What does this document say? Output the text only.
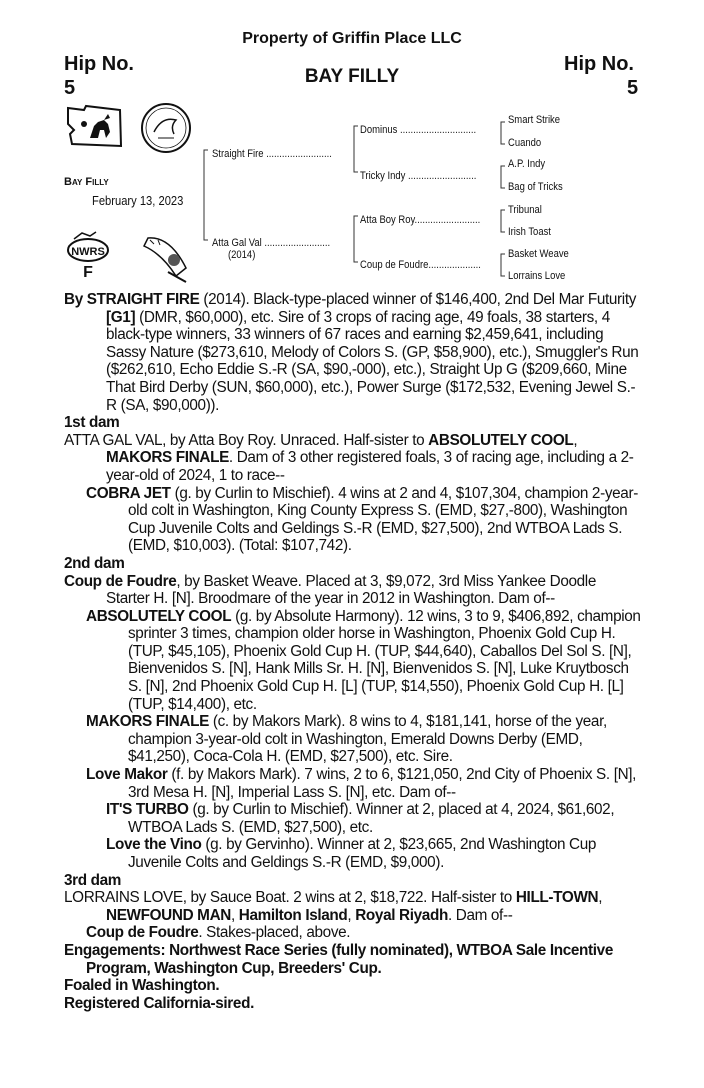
Property of Griffin Place LLC
Hip No.
5
Hip No.
5
BAY FILLY
NWRS
F
Bay Filly
February 13, 2023
Straight Fire .........................
Atta Gal Val .........................
(2014)
Dominus .............................
Tricky Indy ..........................
Atta Boy Roy.........................
Coup de Foudre....................
Smart Strike
Cuando
A.P. Indy
Bag of Tricks
Tribunal
Irish Toast
Basket Weave
Lorrains Love

By STRAIGHT FIRE (2014). Black-type-placed winner of $146,400, 2nd Del Mar Futurity [G1] (DMR, $60,000), etc. Sire of 3 crops of racing age, 49 foals, 38 starters, 4 black-type winners, 33 winners of 67 races and earning $2,459,641, including Sassy Nature ($273,610, Melody of Colors S. (GP, $58,900), etc.), Smuggler's Run ($262,610, Echo Eddie S.-R (SA, $90,-000), etc.), Straight Up G ($209,660, Mine That Bird Derby (SUN, $60,000), etc.), Power Surge ($172,532, Evening Jewel S.-R (SA, $90,000)).

1st dam

ATTA GAL VAL, by Atta Boy Roy. Unraced. Half-sister to ABSOLUTELY COOL, MAKORS FINALE. Dam of 3 other registered foals, 3 of racing age, including a 2-year-old of 2024, 1 to race--

COBRA JET (g. by Curlin to Mischief). 4 wins at 2 and 4, $107,304, champion 2-year-old colt in Washington, King County Express S. (EMD, $27,-800), Washington Cup Juvenile Colts and Geldings S.-R (EMD, $27,500), 2nd WTBOA Lads S. (EMD, $10,003). (Total: $107,742).

2nd dam

Coup de Foudre, by Basket Weave. Placed at 3, $9,072, 3rd Miss Yankee Doodle Starter H. [N]. Broodmare of the year in 2012 in Washington. Dam of--

ABSOLUTELY COOL (g. by Absolute Harmony). 12 wins, 3 to 9, $406,892, champion sprinter 3 times, champion older horse in Washington, Phoenix Gold Cup H. (TUP, $45,105), Phoenix Gold Cup H. (TUP, $44,640), Caballos Del Sol S. [N], Bienvenidos S. [N], Hank Mills Sr. H. [N], Bienvenidos S. [N], Luke Kruytbosch S. [N], 2nd Phoenix Gold Cup H. [L] (TUP, $14,550), Phoenix Gold Cup H. [L] (TUP, $14,400), etc.

MAKORS FINALE (c. by Makors Mark). 8 wins to 4, $181,141, horse of the year, champion 3-year-old colt in Washington, Emerald Downs Derby (EMD, $41,250), Coca-Cola H. (EMD, $27,500), etc. Sire.

Love Makor (f. by Makors Mark). 7 wins, 2 to 6, $121,050, 2nd City of Phoenix S. [N], 3rd Mesa H. [N], Imperial Lass S. [N], etc. Dam of--

IT'S TURBO (g. by Curlin to Mischief). Winner at 2, placed at 4, 2024, $61,602, WTBOA Lads S. (EMD, $27,500), etc.

Love the Vino (g. by Gervinho). Winner at 2, $23,665, 2nd Washington Cup Juvenile Colts and Geldings S.-R (EMD, $9,000).

3rd dam

LORRAINS LOVE, by Sauce Boat. 2 wins at 2, $18,722. Half-sister to HILL-TOWN, NEWFOUND MAN, Hamilton Island, Royal Riyadh. Dam of--

Coup de Foudre. Stakes-placed, above.

Engagements: Northwest Race Series (fully nominated), WTBOA Sale Incentive Program, Washington Cup, Breeders' Cup.

Foaled in Washington.

Registered California-sired.
